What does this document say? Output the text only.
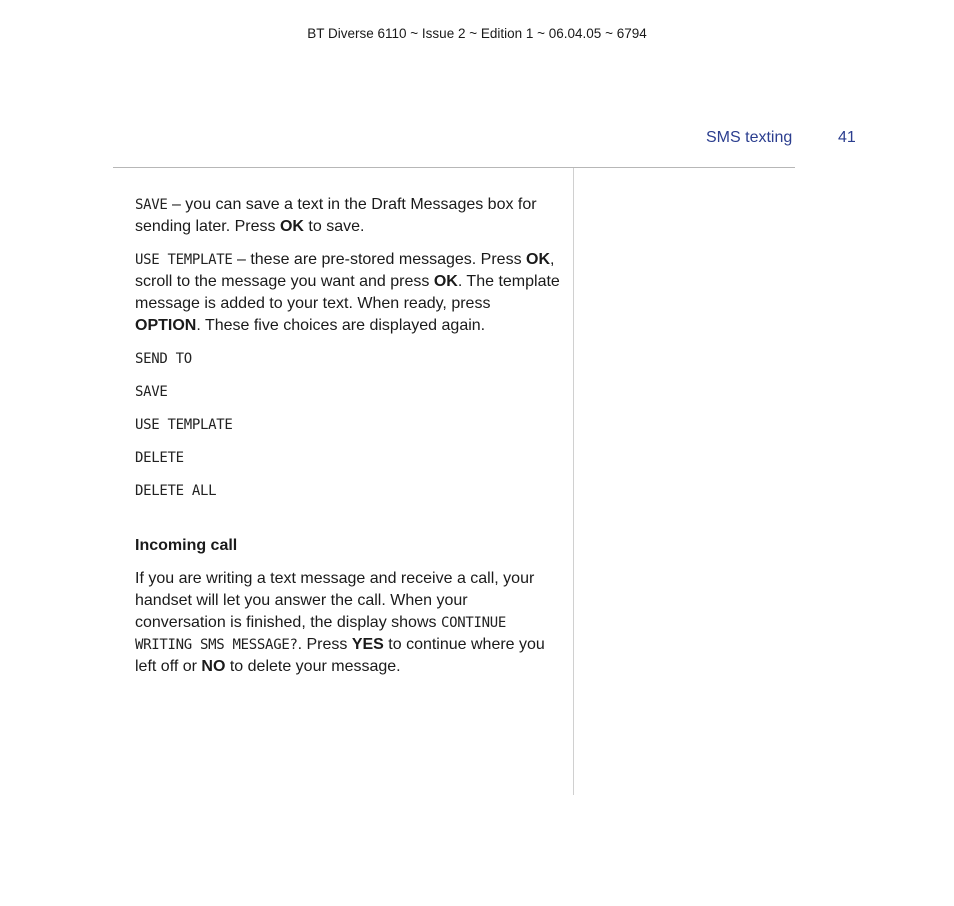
BT Diverse 6110 ~ Issue 2 ~ Edition 1 ~ 06.04.05 ~ 6794
SMS texting	41

SAVE – you can save a text in the Draft Messages box for sending later. Press OK to save.

USE TEMPLATE – these are pre-stored messages. Press OK, scroll to the message you want and press OK. The template message is added to your text. When ready, press OPTION. These five choices are displayed again.

SEND TO
SAVE
USE TEMPLATE
DELETE
DELETE ALL
Incoming call

If you are writing a text message and receive a call, your handset will let you answer the call. When your conversation is finished, the display shows CONTINUE WRITING SMS MESSAGE?. Press YES to continue where you left off or NO to delete your message.
